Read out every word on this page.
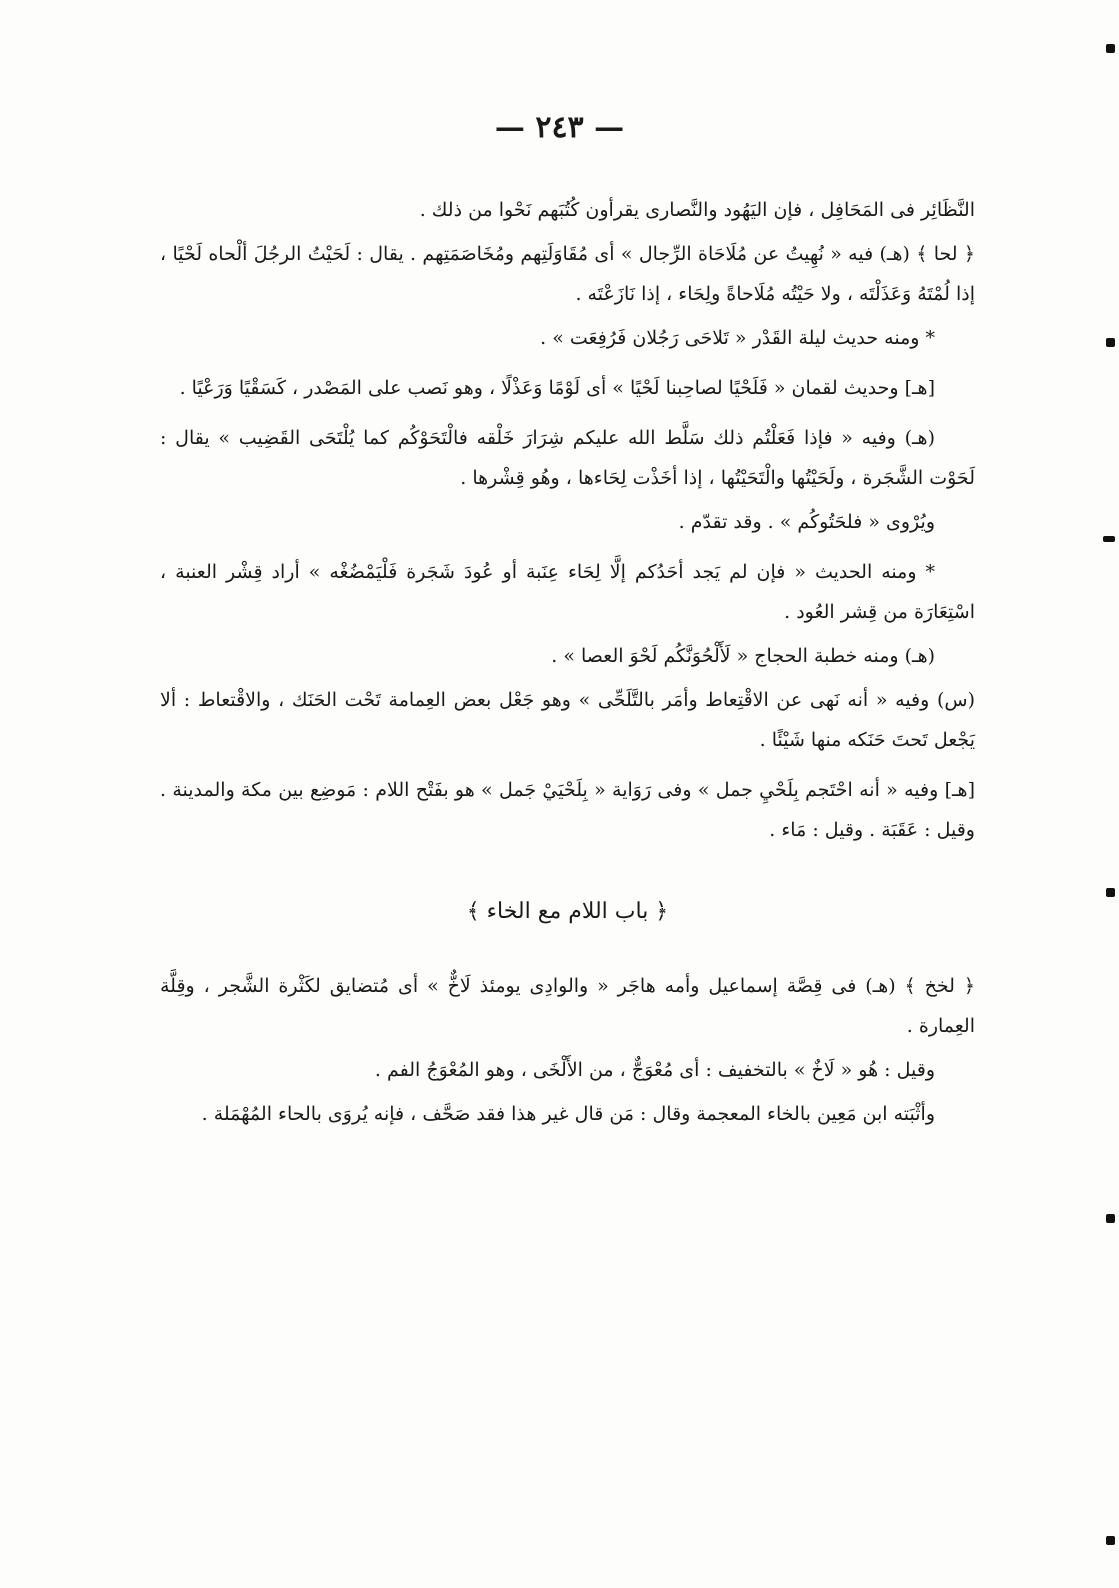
— ٢٤٣ —

النَّظَائِر فى المَحَافِل ، فإن اليَهُود والنَّصارى يقرأون كُتُبَهم نَحْوا من ذلك .

﴿ لحا ﴾ (هـ) فيه « نُهِيتُ عن مُلَاحَاة الرِّجال » أى مُقَاوَلَتِهم ومُخَاصَمَتِهم . يقال : لَحَيْتُ الرجُلَ ألْحاه لَحْيًا ، إذا لُمْتَهُ وَعَذَلْتَه ، ولا حَيْتُه مُلَاحاةً ولِحَاء ، إذا نَازَعْتَه .

* ومنه حديث ليلة القَدْر « تَلاحَى رَجُلان فَرُفِعَت » .

[هـ] وحديث لقمان « فَلَحْيًا لصاحِبنا لَحْيًا » أى لَوْمًا وَعَذْلًا ، وهو نَصب على المَصْدر ، كَسَقْيًا وَرَعْيًا .

(هـ) وفيه « فإذا فَعَلْتُم ذلك سَلَّط الله عليكم شِرَارَ خَلْقه فالْتَحَوْكُم كما يُلْتَحَى القَضِيب » يقال : لَحَوْت الشَّجَرة ، ولَحَيْتُها والْتَحَيْتُها ، إذا أخَذْت لِحَاءها ، وهُو قِشْرها .

ويُرْوى « فلحَتُوكُم » . وقد تقدّم .

* ومنه الحديث « فإن لم يَجد أحَدُكم إلَّا لِحَاء عِنَبة أو عُودَ شَجَرة فَلْيَمْضُغْه » أراد قِشْر العنبة ، اسْتِعَارَة من قِشر العُود .

(هـ) ومنه خطبة الحجاج « لَأَلْحُوَنَّكُم لَحْوَ العصا » .

(س) وفيه « أنه نَهى عن الاقْتِعاط وأمَر بالتَّلَحِّى » وهو جَعْل بعض العِمامة تَحْت الحَنَك ، والاقْتعاط : ألا يَجْعل تَحتَ حَنَكه منها شَيْئًا .

[هـ] وفيه « أنه احْتَجم بِلَحْيِ جمل » وفى رَوَاية « بِلَحْيَيْ جَمل » هو بفَتْح اللام : مَوضِع بين مكة والمدينة . وقيل : عَقَبَة . وقيل : مَاء .

﴿ باب اللام مع الخاء ﴾

﴿ لخخ ﴾ (هـ) فى قِصَّة إسماعيل وأمه هاجَر « والوادِى يومئذ لَاخٌّ » أى مُتضايق لكَثْرة الشَّجر ، وقِلَّة العِمارة .

وقيل : هُو « لَاخٌ » بالتخفيف : أى مُعْوَجٌّ ، من الأَلْخَى ، وهو المُعْوَجُ الفم .

وأثْبَته ابن مَعِين بالخاء المعجمة وقال : مَن قال غير هذا فقد صَحَّف ، فإنه يُروَى بالحاء المُهْمَلة .
